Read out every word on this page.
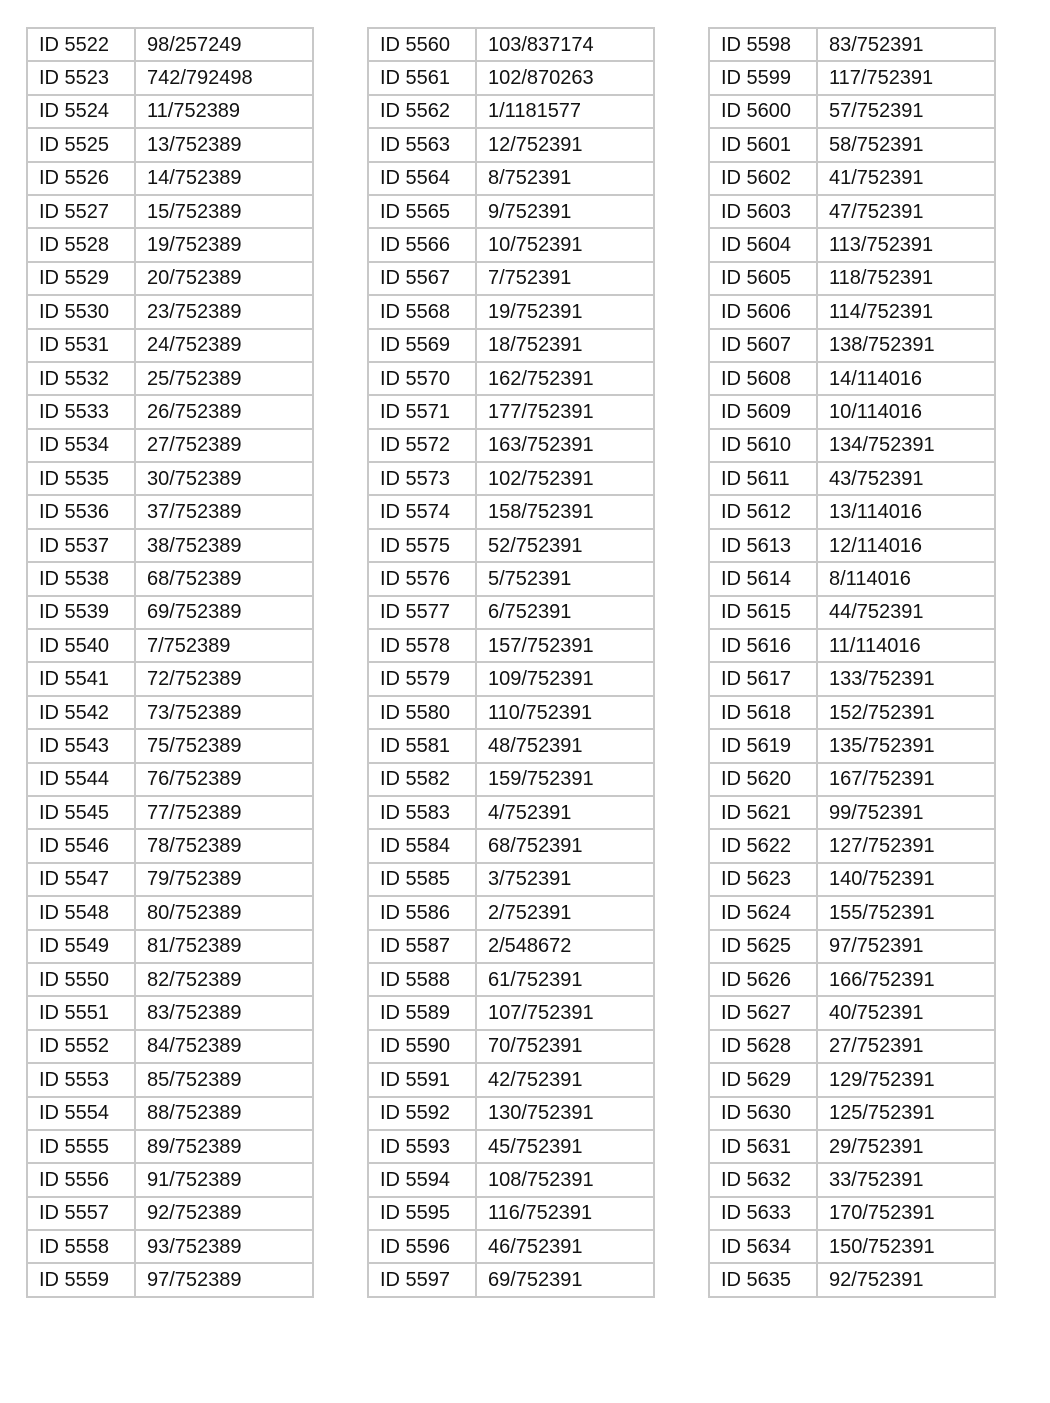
ID 5522	98/257249
ID 5523	742/792498
ID 5524	11/752389
ID 5525	13/752389
ID 5526	14/752389
ID 5527	15/752389
ID 5528	19/752389
ID 5529	20/752389
ID 5530	23/752389
ID 5531	24/752389
ID 5532	25/752389
ID 5533	26/752389
ID 5534	27/752389
ID 5535	30/752389
ID 5536	37/752389
ID 5537	38/752389
ID 5538	68/752389
ID 5539	69/752389
ID 5540	7/752389
ID 5541	72/752389
ID 5542	73/752389
ID 5543	75/752389
ID 5544	76/752389
ID 5545	77/752389
ID 5546	78/752389
ID 5547	79/752389
ID 5548	80/752389
ID 5549	81/752389
ID 5550	82/752389
ID 5551	83/752389
ID 5552	84/752389
ID 5553	85/752389
ID 5554	88/752389
ID 5555	89/752389
ID 5556	91/752389
ID 5557	92/752389
ID 5558	93/752389
ID 5559	97/752389
ID 5560	103/837174
ID 5561	102/870263
ID 5562	1/1181577
ID 5563	12/752391
ID 5564	8/752391
ID 5565	9/752391
ID 5566	10/752391
ID 5567	7/752391
ID 5568	19/752391
ID 5569	18/752391
ID 5570	162/752391
ID 5571	177/752391
ID 5572	163/752391
ID 5573	102/752391
ID 5574	158/752391
ID 5575	52/752391
ID 5576	5/752391
ID 5577	6/752391
ID 5578	157/752391
ID 5579	109/752391
ID 5580	110/752391
ID 5581	48/752391
ID 5582	159/752391
ID 5583	4/752391
ID 5584	68/752391
ID 5585	3/752391
ID 5586	2/752391
ID 5587	2/548672
ID 5588	61/752391
ID 5589	107/752391
ID 5590	70/752391
ID 5591	42/752391
ID 5592	130/752391
ID 5593	45/752391
ID 5594	108/752391
ID 5595	116/752391
ID 5596	46/752391
ID 5597	69/752391
ID 5598	83/752391
ID 5599	117/752391
ID 5600	57/752391
ID 5601	58/752391
ID 5602	41/752391
ID 5603	47/752391
ID 5604	113/752391
ID 5605	118/752391
ID 5606	114/752391
ID 5607	138/752391
ID 5608	14/114016
ID 5609	10/114016
ID 5610	134/752391
ID 5611	43/752391
ID 5612	13/114016
ID 5613	12/114016
ID 5614	8/114016
ID 5615	44/752391
ID 5616	11/114016
ID 5617	133/752391
ID 5618	152/752391
ID 5619	135/752391
ID 5620	167/752391
ID 5621	99/752391
ID 5622	127/752391
ID 5623	140/752391
ID 5624	155/752391
ID 5625	97/752391
ID 5626	166/752391
ID 5627	40/752391
ID 5628	27/752391
ID 5629	129/752391
ID 5630	125/752391
ID 5631	29/752391
ID 5632	33/752391
ID 5633	170/752391
ID 5634	150/752391
ID 5635	92/752391
